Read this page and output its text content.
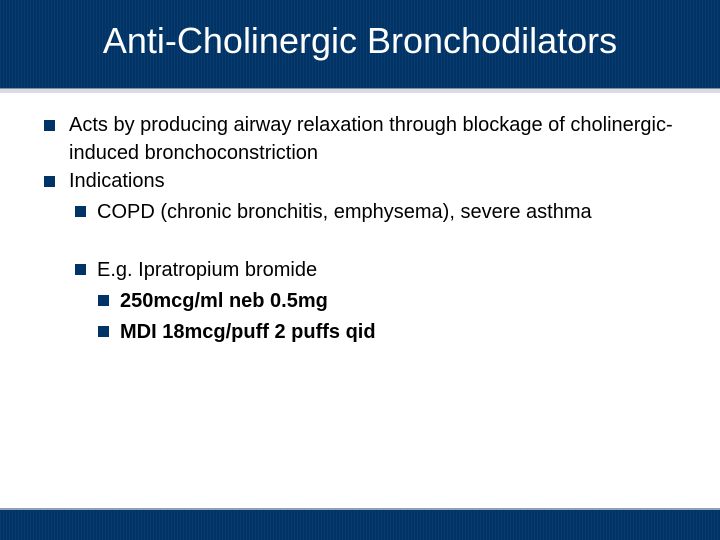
Anti-Cholinergic Bronchodilators
Acts by producing airway relaxation through blockage of cholinergic-induced bronchoconstriction
Indications
COPD (chronic bronchitis, emphysema), severe asthma
E.g. Ipratropium bromide
250mcg/ml neb 0.5mg
MDI 18mcg/puff 2 puffs qid
